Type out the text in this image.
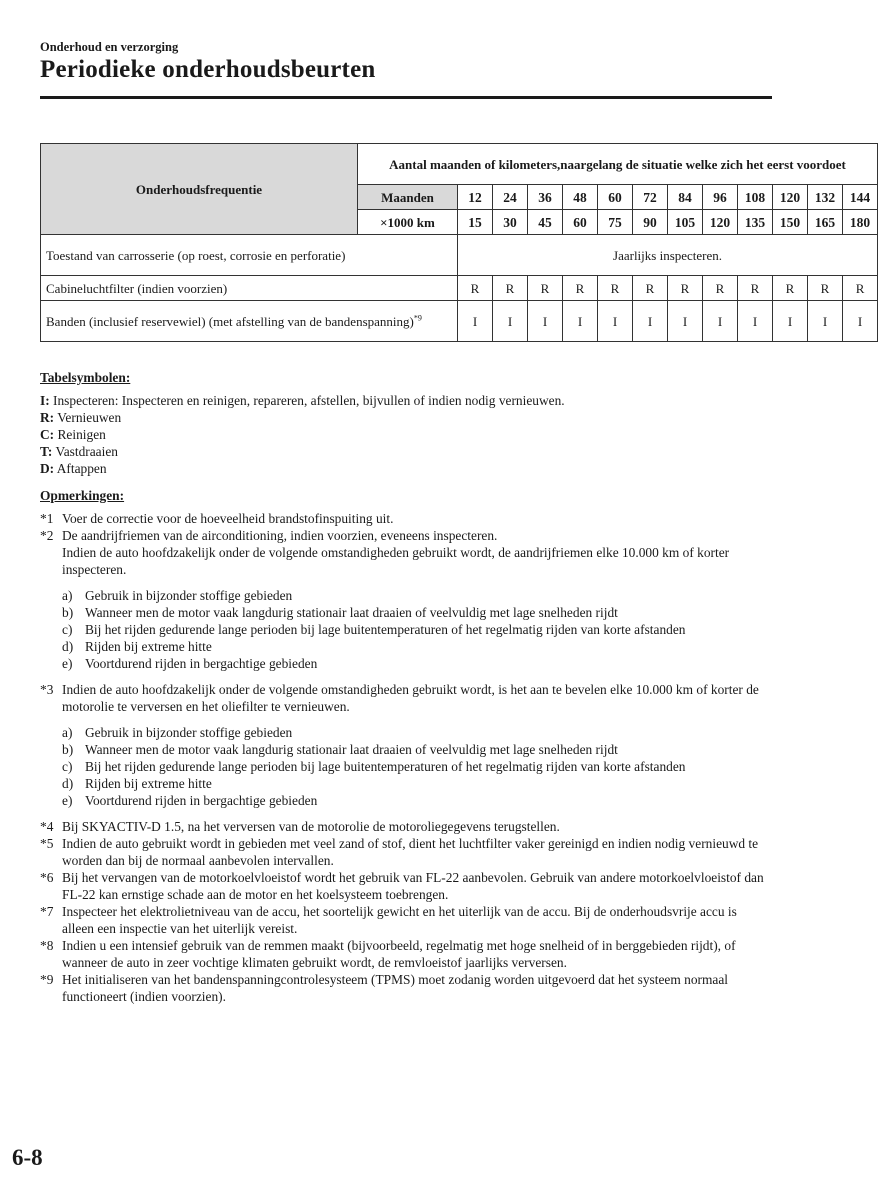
Onderhoud en verzorging
Periodieke onderhoudsbeurten
Onderhoudsfrequentie	Aantal maanden of kilometers,naargelang de situatie welke zich het eerst voordoet												
	Maanden	12	24	36	48	60	72	84	96	108	120	132	144
	×1000 km	15	30	45	60	75	90	105	120	135	150	165	180
Toestand van carrosserie (op roest, corrosie en perforatie)		Jaarlijks inspecteren.											
Cabineluchtfilter (indien voorzien)		R	R	R	R	R	R	R	R	R	R	R	R
Banden (inclusief reservewiel) (met afstelling van de bandenspanning)$^{*9}$		I	I	I	I	I	I	I	I	I	I	I	I

Tabelsymbolen:

I: Inspecteren: Inspecteren en reinigen, repareren, afstellen, bijvullen of indien nodig vernieuwen.

R: Vernieuwen

C: Reinigen

T: Vastdraaien

D: Aftappen

Opmerkingen:

*1 Voer de correctie voor de hoeveelheid brandstofinspuiting uit.
*2 De aandrijfriemen van de airconditioning, indien voorzien, eveneens inspecteren.

Indien de auto hoofdzakelijk onder de volgende omstandigheden gebruikt wordt, de aandrijfriemen elke 10.000 km of korter inspecteren.

a) Gebruik in bijzonder stoffige gebieden
b) Wanneer men de motor vaak langdurig stationair laat draaien of veelvuldig met lage snelheden rijdt
c) Bij het rijden gedurende lange perioden bij lage buitentemperaturen of het regelmatig rijden van korte afstanden
d) Rijden bij extreme hitte
e) Voortdurend rijden in bergachtige gebieden
*3 Indien de auto hoofdzakelijk onder de volgende omstandigheden gebruikt wordt, is het aan te bevelen elke 10.000 km of korter de motorolie te verversen en het oliefilter te vernieuwen.
a) Gebruik in bijzonder stoffige gebieden
b) Wanneer men de motor vaak langdurig stationair laat draaien of veelvuldig met lage snelheden rijdt
c) Bij het rijden gedurende lange perioden bij lage buitentemperaturen of het regelmatig rijden van korte afstanden
d) Rijden bij extreme hitte
e) Voortdurend rijden in bergachtige gebieden
*4 Bij SKYACTIV-D 1.5, na het verversen van de motorolie de motoroliegegevens terugstellen.
*5 Indien de auto gebruikt wordt in gebieden met veel zand of stof, dient het luchtfilter vaker gereinigd en indien nodig vernieuwd te worden dan bij de normaal aanbevolen intervallen.
*6 Bij het vervangen van de motorkoelvloeistof wordt het gebruik van FL-22 aanbevolen. Gebruik van andere motorkoelvloeistof dan FL-22 kan ernstige schade aan de motor en het koelsysteem toebrengen.
*7 Inspecteer het elektrolietniveau van de accu, het soortelijk gewicht en het uiterlijk van de accu. Bij de onderhoudsvrije accu is alleen een inspectie van het uiterlijk vereist.
*8 Indien u een intensief gebruik van de remmen maakt (bijvoorbeeld, regelmatig met hoge snelheid of in berggebieden rijdt), of wanneer de auto in zeer vochtige klimaten gebruikt wordt, de remvloeistof jaarlijks verversen.
*9 Het initialiseren van het bandenspanningcontrolesysteem (TPMS) moet zodanig worden uitgevoerd dat het systeem normaal functioneert (indien voorzien).
6-8
